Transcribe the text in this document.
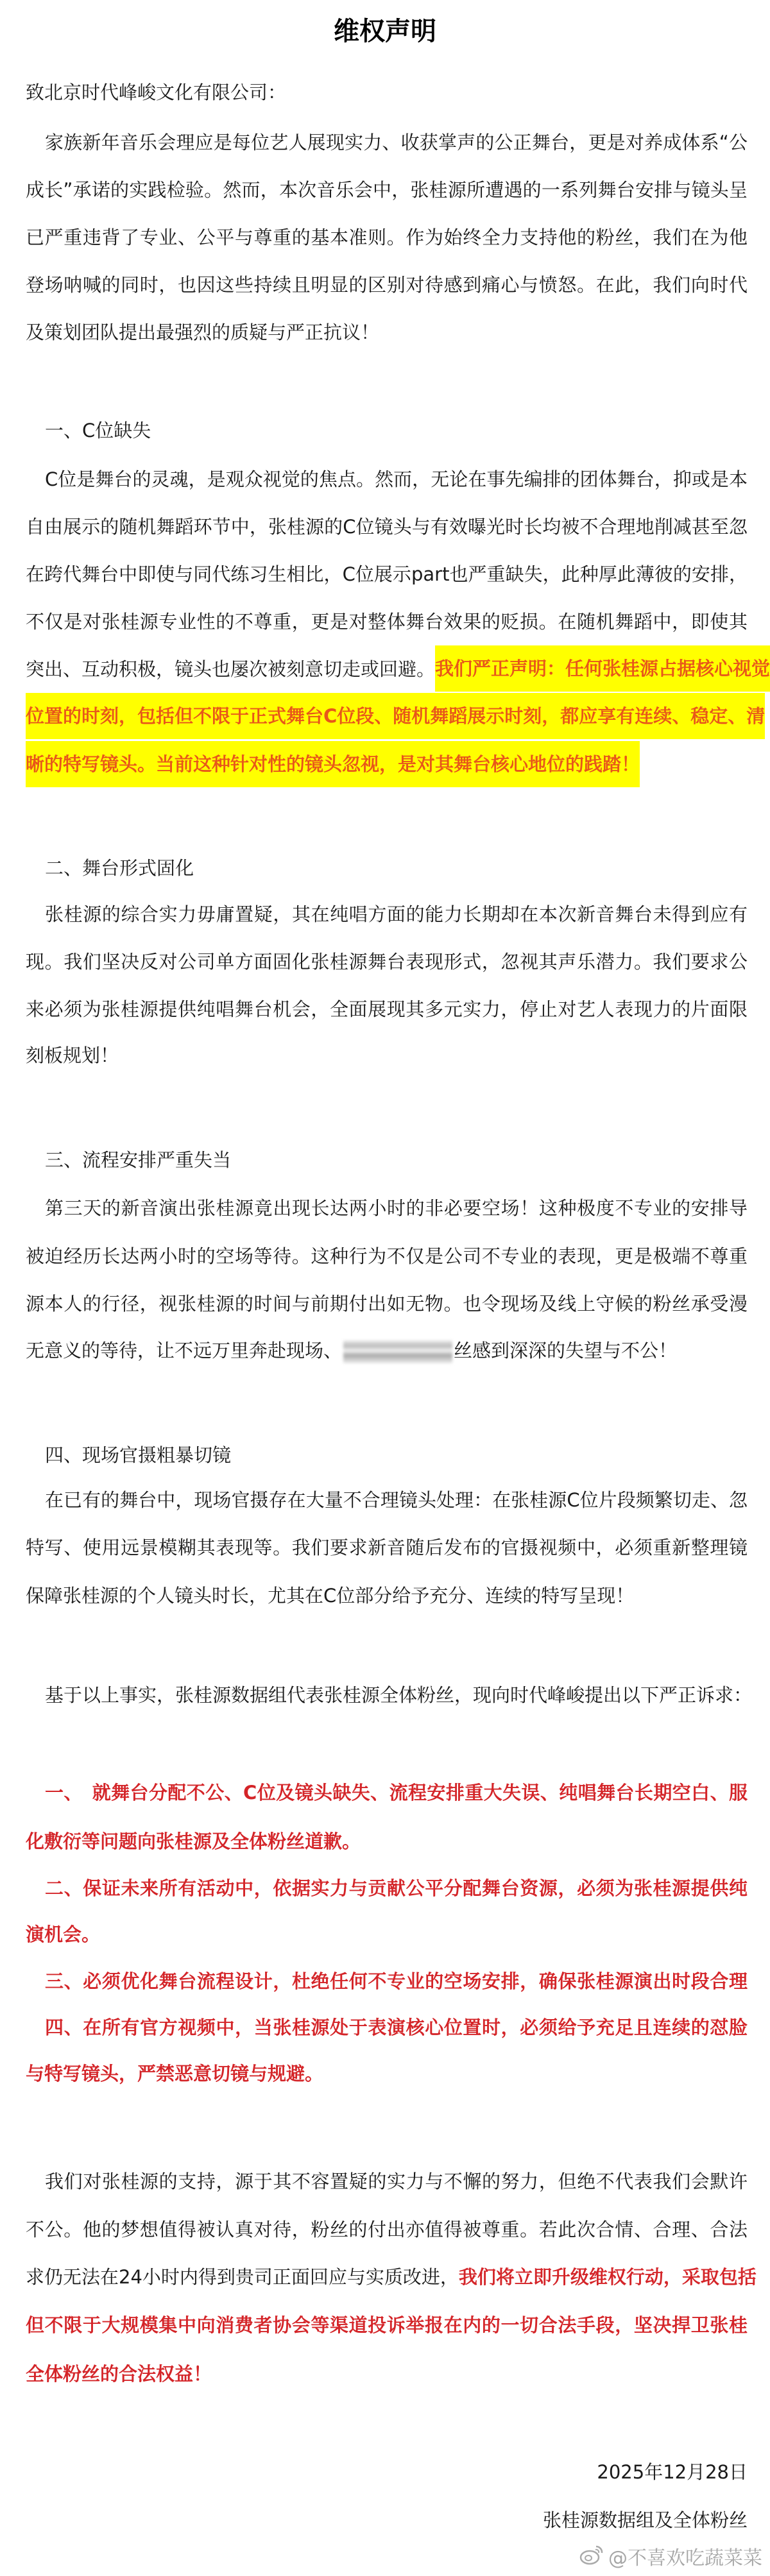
维权声明
致北京时代峰峻文化有限公司：
家族新年音乐会理应是每位艺人展现实力、收获掌声的公正舞台，更是对养成体系“公
成长”承诺的实践检验。然而，本次音乐会中，张桂源所遭遇的一系列舞台安排与镜头呈
已严重违背了专业、公平与尊重的基本准则。作为始终全力支持他的粉丝，我们在为他
登场呐喊的同时，也因这些持续且明显的区别对待感到痛心与愤怒。在此，我们向时代
及策划团队提出最强烈的质疑与严正抗议！
一、C位缺失
C位是舞台的灵魂，是观众视觉的焦点。然而，无论在事先编排的团体舞台，抑或是本
自由展示的随机舞蹈环节中，张桂源的C位镜头与有效曝光时长均被不合理地削减甚至忽
在跨代舞台中即使与同代练习生相比，C位展示part也严重缺失，此种厚此薄彼的安排，
不仅是对张桂源专业性的不尊重，更是对整体舞台效果的贬损。在随机舞蹈中，即使其
突出、互动积极，镜头也屡次被刻意切走或回避。 我们严正声明：任何张桂源占据核心视觉
位置的时刻，包括但不限于正式舞台C位段、随机舞蹈展示时刻，都应享有连续、稳定、清
晰的特写镜头。当前这种针对性的镜头忽视，是对其舞台核心地位的践踏！
二、舞台形式固化
张桂源的综合实力毋庸置疑，其在纯唱方面的能力长期却在本次新音舞台未得到应有
现。我们坚决反对公司单方面固化张桂源舞台表现形式，忽视其声乐潜力。我们要求公
来必须为张桂源提供纯唱舞台机会，全面展现其多元实力，停止对艺人表现力的片面限
刻板规划！
三、流程安排严重失当
第三天的新音演出张桂源竟出现长达两小时的非必要空场！这种极度不专业的安排导
被迫经历长达两小时的空场等待。这种行为不仅是公司不专业的表现，更是极端不尊重
源本人的行径，视张桂源的时间与前期付出如无物。也令现场及线上守候的粉丝承受漫
无意义的等待，让不远万里奔赴现场、	丝感到深深的失望与不公！
四、现场官摄粗暴切镜
在已有的舞台中，现场官摄存在大量不合理镜头处理：在张桂源C位片段频繁切走、忽
特写、使用远景模糊其表现等。我们要求新音随后发布的官摄视频中，必须重新整理镜
保障张桂源的个人镜头时长，尤其在C位部分给予充分、连续的特写呈现！
基于以上事实，张桂源数据组代表张桂源全体粉丝，现向时代峰峻提出以下严正诉求：
一、　就舞台分配不公、C位及镜头缺失、流程安排重大失误、纯唱舞台长期空白、服
化敷衍等问题向张桂源及全体粉丝道歉。
二、保证未来所有活动中，依据实力与贡献公平分配舞台资源，必须为张桂源提供纯
演机会。
三、必须优化舞台流程设计，杜绝任何不专业的空场安排，确保张桂源演出时段合理
四、在所有官方视频中，当张桂源处于表演核心位置时，必须给予充足且连续的怼脸
与特写镜头，严禁恶意切镜与规避。
我们对张桂源的支持，源于其不容置疑的实力与不懈的努力，但绝不代表我们会默许
不公。他的梦想值得被认真对待，粉丝的付出亦值得被尊重。若此次合情、合理、合法
求仍无法在24小时内得到贵司正面回应与实质改进， 我们将立即升级维权行动，采取包括
但不限于大规模集中向消费者协会等渠道投诉举报在内的一切合法手段，坚决捍卫张桂
全体粉丝的合法权益！
2025年12月28日
张桂源数据组及全体粉丝
@不喜欢吃蔬菜菜
